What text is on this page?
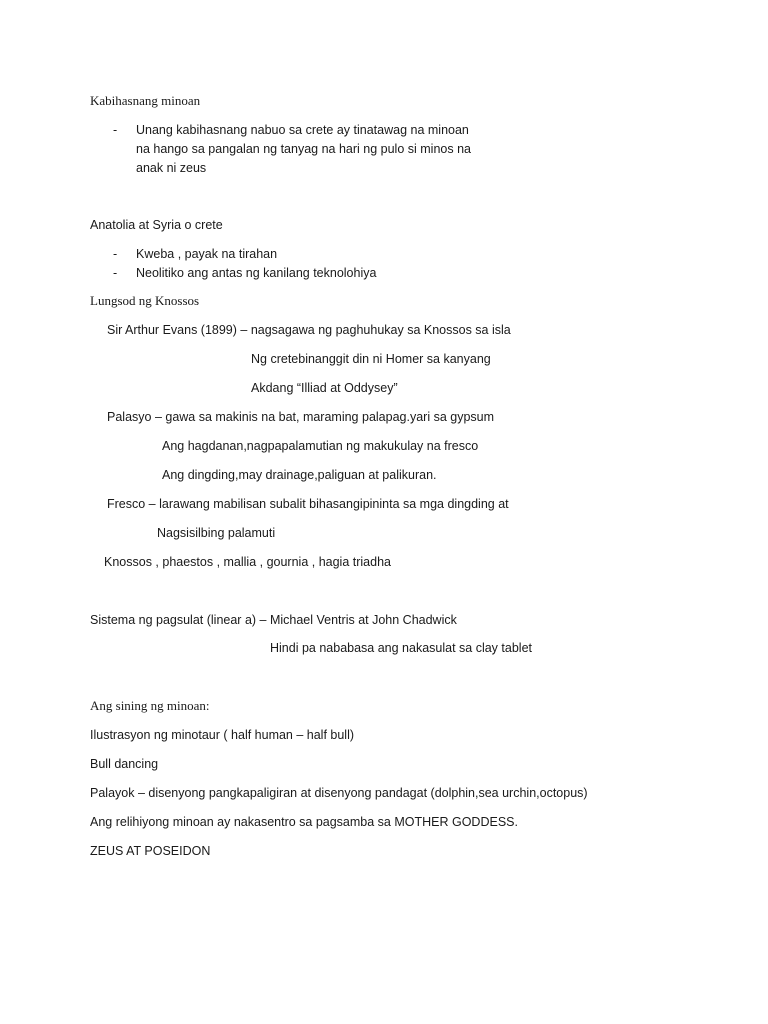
Kabihasnang minoan
- Unang kabihasnang nabuo sa crete ay tinatawag na minoan
na hango sa pangalan ng tanyag na hari ng pulo si minos na
anak ni zeus
Anatolia at Syria o crete
- Kweba , payak na tirahan
- Neolitiko ang antas ng kanilang teknolohiya
Lungsod ng Knossos
Sir Arthur Evans (1899) – nagsagawa ng paghuhukay sa Knossos sa isla
Ng cretebinanggit din ni Homer sa kanyang
Akdang “Illiad at Oddysey”
Palasyo – gawa sa makinis na bat, maraming palapag.yari sa gypsum
Ang hagdanan,nagpapalamutian ng makukulay na fresco
Ang dingding,may drainage,paliguan at palikuran.
Fresco – larawang mabilisan subalit bihasangipininta sa mga dingding at
Nagsisilbing palamuti
Knossos , phaestos , mallia , gournia , hagia triadha
Sistema ng pagsulat (linear a) – Michael Ventris at John Chadwick
Hindi pa nababasa ang nakasulat sa clay tablet
Ang sining ng minoan:
Ilustrasyon ng minotaur ( half human – half bull)
Bull dancing
Palayok – disenyong pangkapaligiran at disenyong pandagat (dolphin,sea urchin,octopus)
Ang relihiyong minoan ay nakasentro sa pagsamba sa MOTHER GODDESS.
ZEUS AT POSEIDON
